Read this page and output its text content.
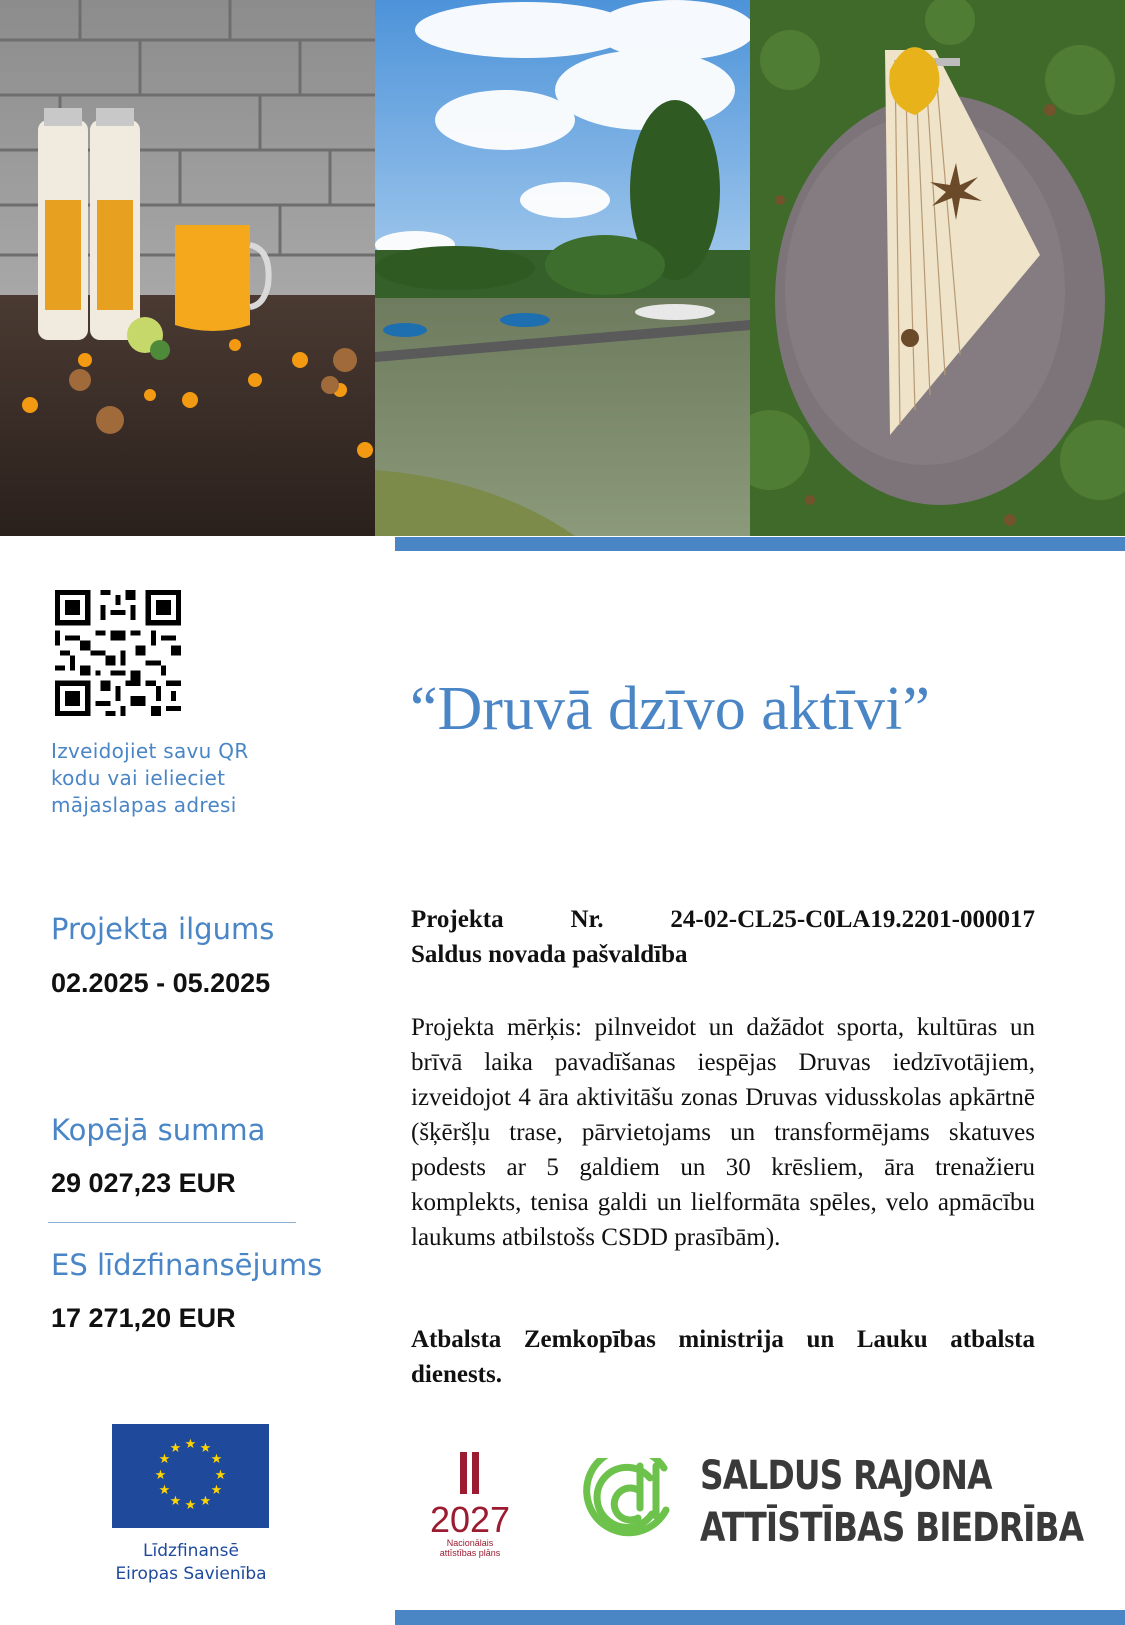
Izveidojiet savu QR kodu vai ielieciet mājaslapas adresi
“Druvā dzīvo aktīvi”
Projekta ilgums
02.2025 - 05.2025
Kopējā summa
29 027,23 EUR
ES līdzfinansējums
17 271,20 EUR
Projekta Nr. 24-02-CL25-C0LA19.2201-000017
Saldus novada pašvaldība
Projekta mērķis: pilnveidot un dažādot sporta, kultūras un brīvā laika pavadīšanas iespējas Druvas iedzīvotājiem, izveidojot 4 āra aktivitāšu zonas Druvas vidusskolas apkārtnē (šķēršļu trase, pārvietojams un transformējams skatuves podests ar 5 galdiem un 30 krēsliem, āra trenažieru komplekts, tenisa galdi un lielformāta spēles, velo apmācību laukums atbilstošs CSDD prasībām).
Atbalsta Zemkopības ministrija un Lauku atbalsta dienests.
★ ★
★
★
★
★
★
★
★
★
★
★
Līdzfinansē
Eiropas Savienība
2027
Nacionālais
attīstības plāns
SALDUS RAJONA
ATTĪSTĪBAS BIEDRĪBA
